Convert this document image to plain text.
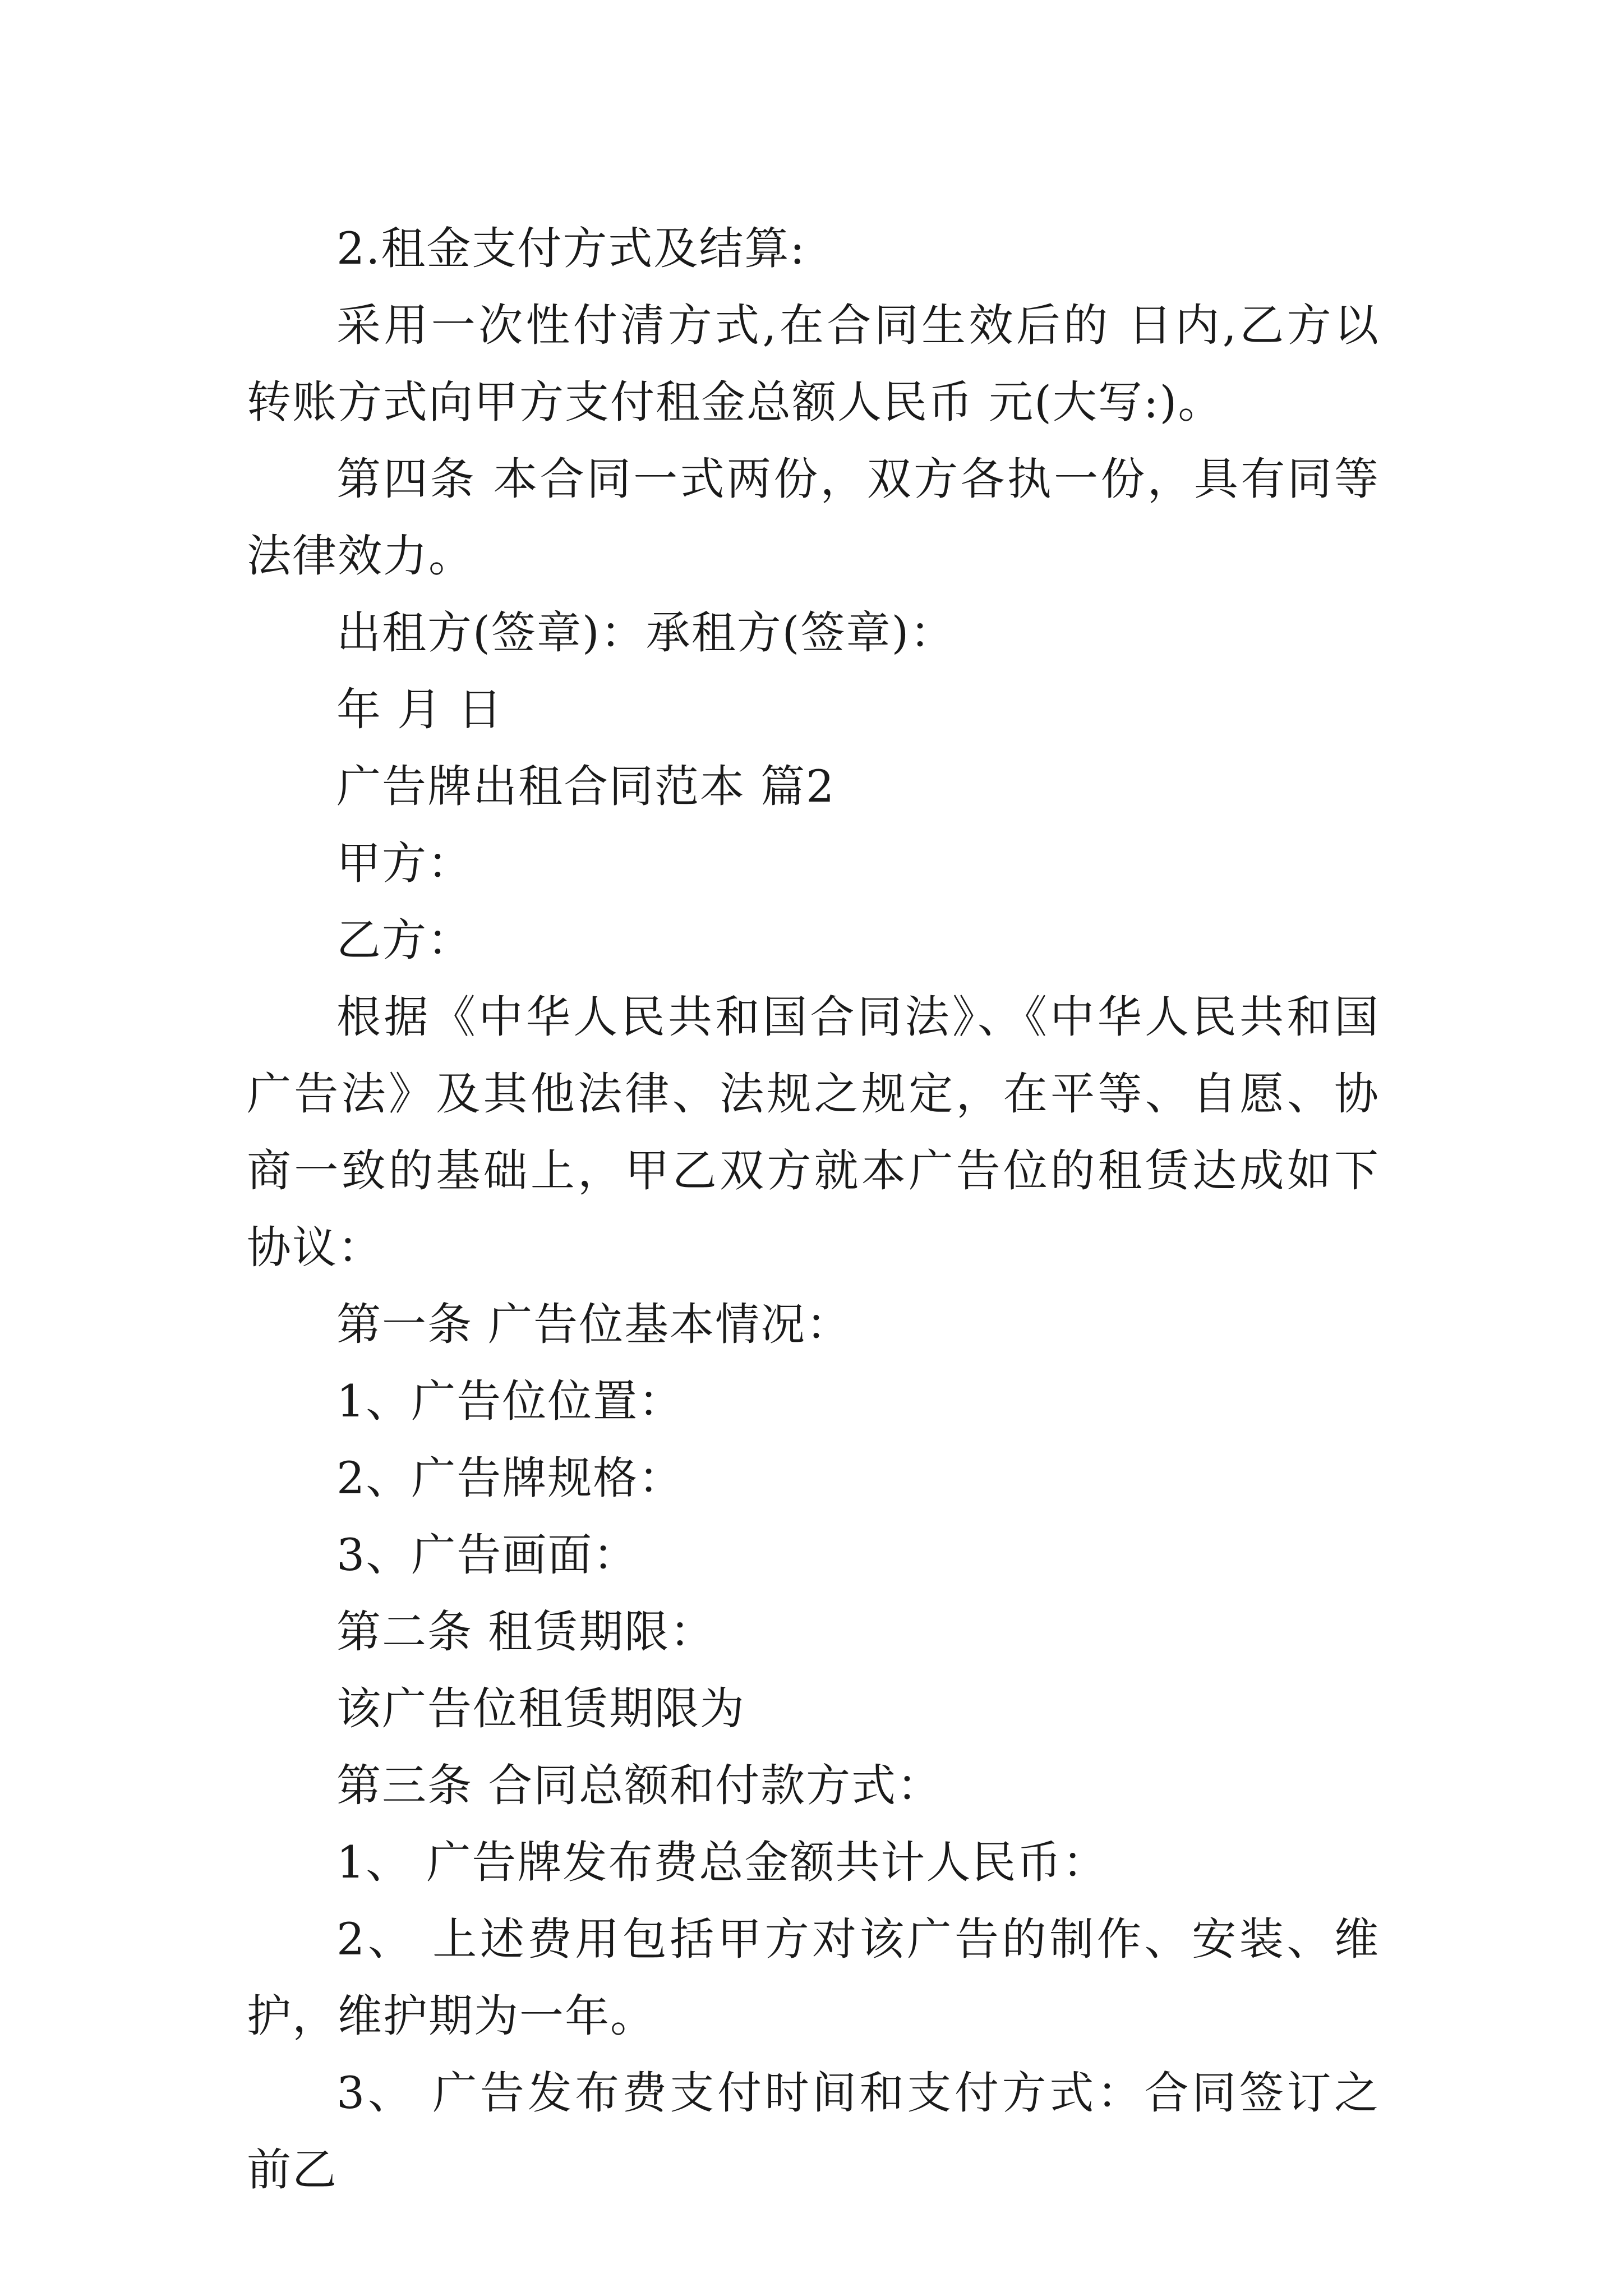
2.租金支付方式及结算:

采用一次性付清方式,在合同生效后的 日内,乙方以转账方式向甲方支付租金总额人民币 元(大写:)。

第四条 本合同一式两份，双方各执一份，具有同等法律效力。

出租方(签章)：承租方(签章)：

年 月 日

广告牌出租合同范本 篇2

甲方：

乙方：

根据《中华人民共和国合同法》、《中华人民共和国广告法》及其他法律、法规之规定，在平等、自愿、协商一致的基础上，甲乙双方就本广告位的租赁达成如下协议：

第一条 广告位基本情况：

1、广告位位置：

2、广告牌规格：

3、广告画面：

第二条 租赁期限：

该广告位租赁期限为

第三条 合同总额和付款方式：

1、 广告牌发布费总金额共计人民币：

2、 上述费用包括甲方对该广告的制作、安装、维护，维护期为一年。

3、 广告发布费支付时间和支付方式：合同签订之前乙
